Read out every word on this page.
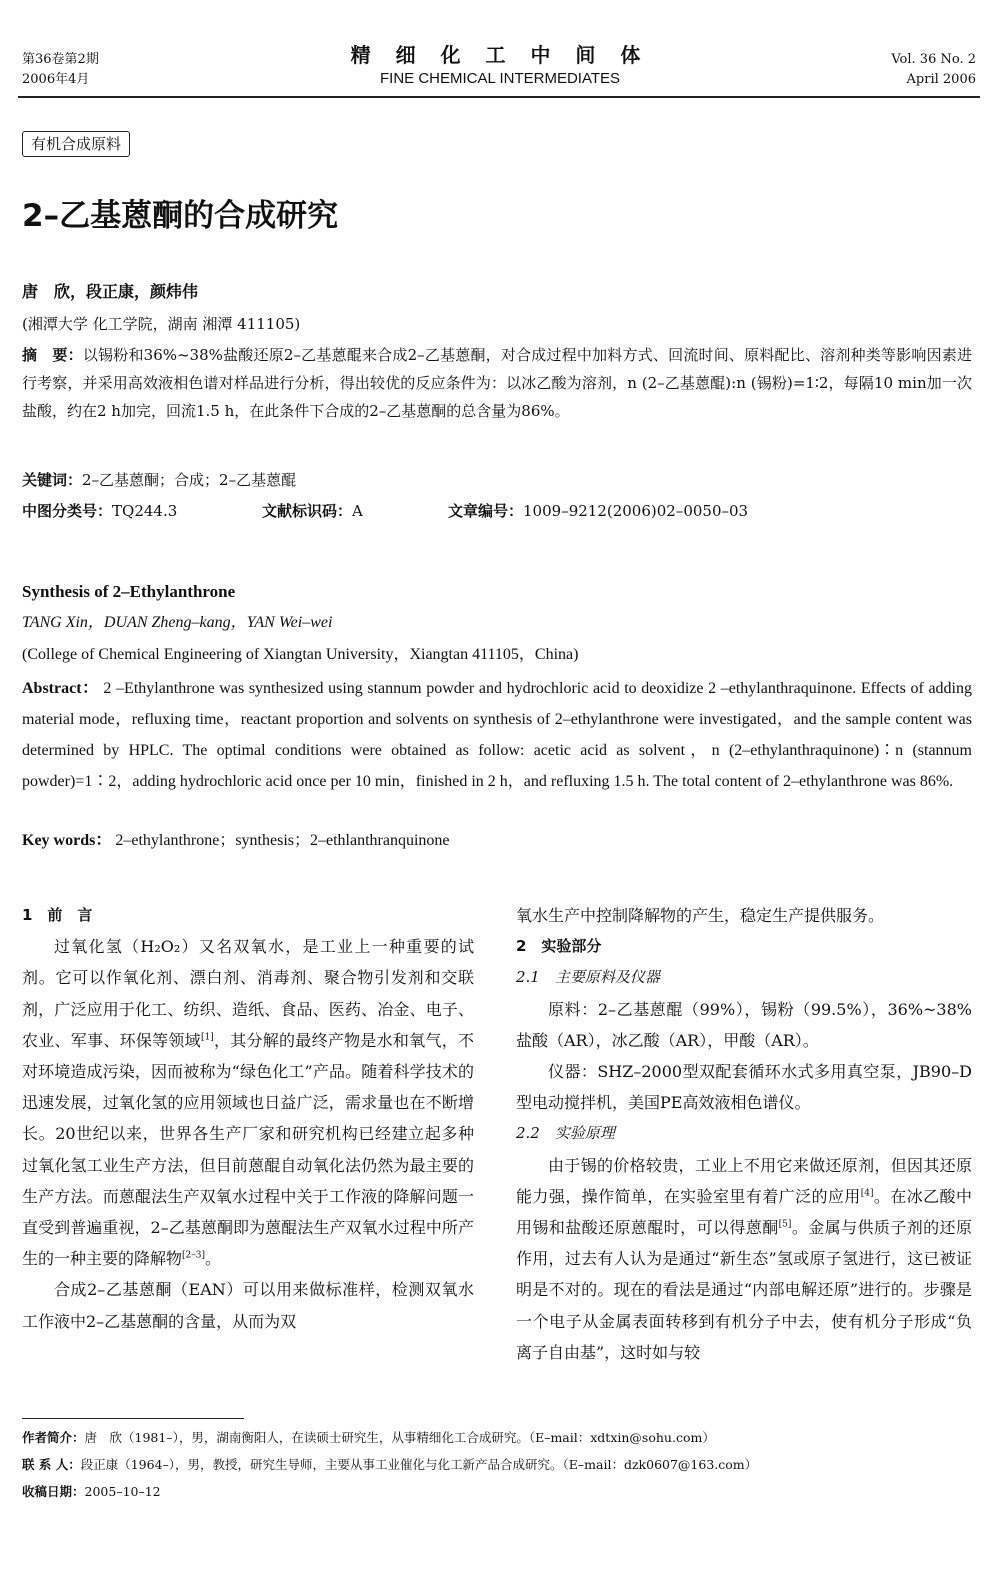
第36卷第2期
2006年4月
精 细 化 工 中 间 体
FINE CHEMICAL INTERMEDIATES
Vol. 36 No. 2
April 2006
有机合成原料
2–乙基蒽酮的合成研究
唐　欣，段正康，颜炜伟
(湘潭大学 化工学院，湖南 湘潭 411105)
摘　要：以锡粉和36%~38%盐酸还原2–乙基蒽醌来合成2–乙基蒽酮，对合成过程中加料方式、回流时间、原料配比、溶剂种类等影响因素进行考察，并采用高效液相色谱对样品进行分析，得出较优的反应条件为：以冰乙酸为溶剂，n (2–乙基蒽醌):n (锡粉)=1∶2，每隔10 min加一次盐酸，约在2 h加完，回流1.5 h，在此条件下合成的2–乙基蒽酮的总含量为86%。
关键词：2–乙基蒽酮；合成；2–乙基蒽醌
中图分类号：TQ244.3	文献标识码：A	文章编号：1009–9212(2006)02–0050–03
Synthesis of 2–Ethylanthrone
TANG Xin，DUAN Zheng–kang，YAN Wei–wei
(College of Chemical Engineering of Xiangtan University，Xiangtan 411105，China)
Abstract： 2 –Ethylanthrone was synthesized using stannum powder and hydrochloric acid to deoxidize 2 –ethylanthraquinone. Effects of adding material mode，refluxing time，reactant proportion and solvents on synthesis of 2–ethylanthrone were investigated，and the sample content was determined by HPLC. The optimal conditions were obtained as follow: acetic acid as solvent，n (2–ethylanthraquinone)∶n (stannum powder)=1∶2，adding hydrochloric acid once per 10 min，finished in 2 h，and refluxing 1.5 h. The total content of 2–ethylanthrone was 86%.
Key words： 2–ethylanthrone；synthesis；2–ethlanthranquinone
1　前　言
过氧化氢（H₂O₂）又名双氧水，是工业上一种重要的试剂。它可以作氧化剂、漂白剂、消毒剂、聚合物引发剂和交联剂，广泛应用于化工、纺织、造纸、食品、医药、冶金、电子、农业、军事、环保等领域[1]，其分解的最终产物是水和氧气，不对环境造成污染，因而被称为“绿色化工”产品。随着科学技术的迅速发展，过氧化氢的应用领域也日益广泛，需求量也在不断增长。20世纪以来，世界各生产厂家和研究机构已经建立起多种过氧化氢工业生产方法，但目前蒽醌自动氧化法仍然为最主要的生产方法。而蒽醌法生产双氧水过程中关于工作液的降解问题一直受到普遍重视，2–乙基蒽酮即为蒽醌法生产双氧水过程中所产生的一种主要的降解物[2–3]。
合成2–乙基蒽酮（EAN）可以用来做标准样，检测双氧水工作液中2–乙基蒽酮的含量，从而为双
氧水生产中控制降解物的产生，稳定生产提供服务。
2　实验部分
2.1　主要原料及仪器
原料：2–乙基蒽醌（99%），锡粉（99.5%），36%~38%盐酸（AR），冰乙酸（AR），甲酸（AR）。
仪器：SHZ–2000型双配套循环水式多用真空泵，JB90–D型电动搅拌机，美国PE高效液相色谱仪。
2.2　实验原理
由于锡的价格较贵，工业上不用它来做还原剂，但因其还原能力强，操作简单，在实验室里有着广泛的应用[4]。在冰乙酸中用锡和盐酸还原蒽醌时，可以得蒽酮[5]。金属与供质子剂的还原作用，过去有人认为是通过“新生态”氢或原子氢进行，这已被证明是不对的。现在的看法是通过“内部电解还原”进行的。步骤是一个电子从金属表面转移到有机分子中去，使有机分子形成“负离子自由基”，这时如与较
作者简介：唐　欣（1981–），男，湖南衡阳人，在读硕士研究生，从事精细化工合成研究。（E–mail：xdtxin@sohu.com）
联 系 人：段正康（1964–），男，教授，研究生导师，主要从事工业催化与化工新产品合成研究。（E–mail：dzk0607@163.com）
收稿日期：2005–10–12
